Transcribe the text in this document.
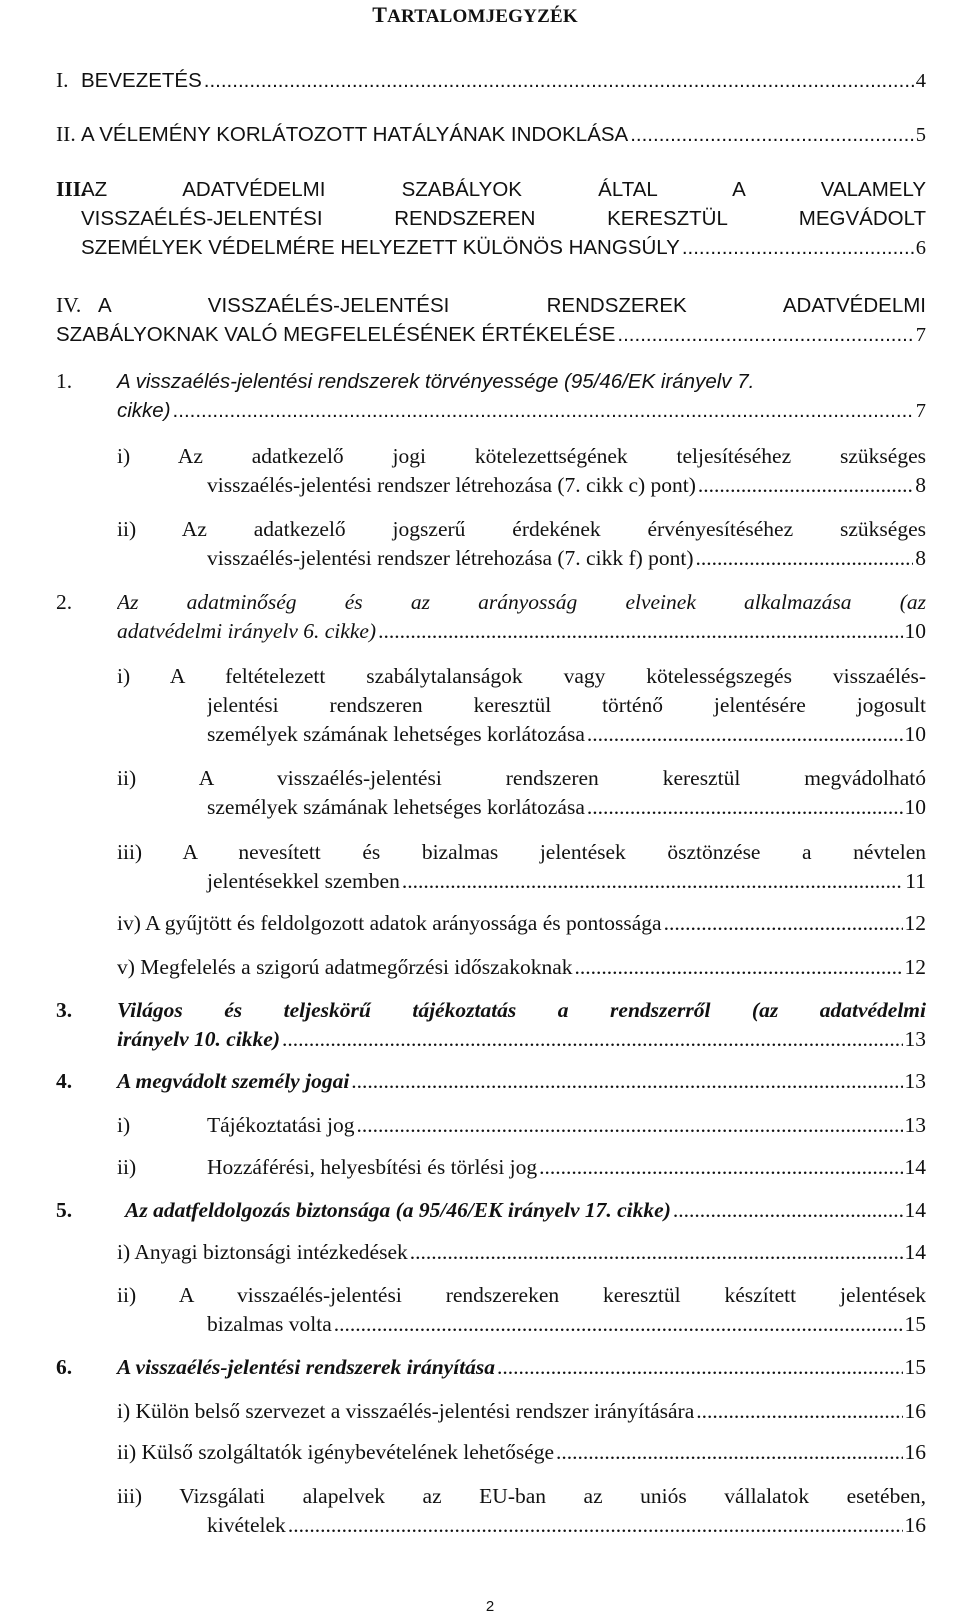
TARTALOMJEGYZÉK
I. BEVEZETÉS .....	4
II. A VÉLEMÉNY KORLÁTOZOTT HATÁLYÁNAK INDOKLÁSA .....	5
III.
AZ ADATVÉDELMI SZABÁLYOK ÁLTAL A VALAMELY
VISSZAÉLÉS-JELENTÉSI RENDSZEREN KERESZTÜL MEGVÁDOLT
SZEMÉLYEK VÉDELMÉRE HELYEZETT KÜLÖNÖS HANGSÚLY .....	6
IV. A VISSZAÉLÉS-JELENTÉSI RENDSZEREK ADATVÉDELMI
SZABÁLYOKNAK VALÓ MEGFELELÉSÉNEK ÉRTÉKELÉSE .....	7
1. A visszaélés-jelentési rendszerek törvényessége (95/46/EK irányelv 7.
cikke) .....	7
i) Az adatkezelő jogi kötelezettségének teljesítéséhez szükséges
visszaélés-jelentési rendszer létrehozása (7. cikk c) pont) .....	8
ii) Az adatkezelő jogszerű érdekének érvényesítéséhez szükséges
visszaélés-jelentési rendszer létrehozása (7. cikk f) pont) .....	8
2. Az adatminőség és az arányosság elveinek alkalmazása (az
adatvédelmi irányelv 6. cikke) .....	10
i) A feltételezett szabálytalanságok vagy kötelességszegés visszaélés-
jelentési rendszeren keresztül történő jelentésére jogosult
személyek számának lehetséges korlátozása .....	10
ii) A visszaélés-jelentési rendszeren keresztül megvádolható
személyek számának lehetséges korlátozása .....	10
iii) A nevesített és bizalmas jelentések ösztönzése a névtelen
jelentésekkel szemben .....	11
iv) A gyűjtött és feldolgozott adatok arányossága és pontossága .....	12
v) Megfelelés a szigorú adatmegőrzési időszakoknak .....	12
3. Világos és teljeskörű tájékoztatás a rendszerről (az adatvédelmi
irányelv 10. cikke) .....	13
4. A megvádolt személy jogai .....	13
i)	Tájékoztatási jog .....	13
ii)	Hozzáférési, helyesbítési és törlési jog .....	14
5. Az adatfeldolgozás biztonsága (a 95/46/EK irányelv 17. cikke) .....	14
i) Anyagi biztonsági intézkedések .....	14
ii) A visszaélés-jelentési rendszereken keresztül készített jelentések
bizalmas volta .....	15
6. A visszaélés-jelentési rendszerek irányítása .....	15
i) Külön belső szervezet a visszaélés-jelentési rendszer irányítására .....	16
ii) Külső szolgáltatók igénybevételének lehetősége .....	16
iii) Vizsgálati alapelvek az EU-ban az uniós vállalatok esetében,
kivételek .....	16
2
